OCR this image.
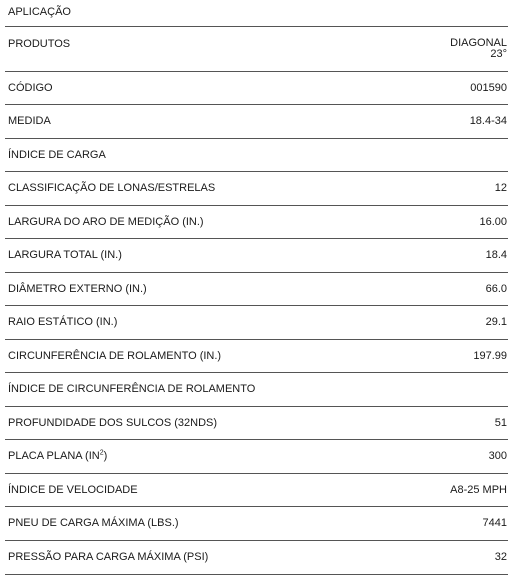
APLICAÇÃO
PRODUTOS	DIAGONAL
23°
CÓDIGO	001590
MEDIDA	18.4-34
ÍNDICE DE CARGA
CLASSIFICAÇÃO DE LONAS/ESTRELAS	12
LARGURA DO ARO DE MEDIÇÃO (IN.)	16.00
LARGURA TOTAL (IN.)	18.4
DIÂMETRO EXTERNO (IN.)	66.0
RAIO ESTÁTICO (IN.)	29.1
CIRCUNFERÊNCIA DE ROLAMENTO (IN.)	197.99
ÍNDICE DE CIRCUNFERÊNCIA DE ROLAMENTO
PROFUNDIDADE DOS SULCOS (32NDS)	51
PLACA PLANA $(IN^2)$	300
ÍNDICE DE VELOCIDADE	A8-25 MPH
PNEU DE CARGA MÁXIMA (LBS.)	7441
PRESSÃO PARA CARGA MÁXIMA (PSI)	32
